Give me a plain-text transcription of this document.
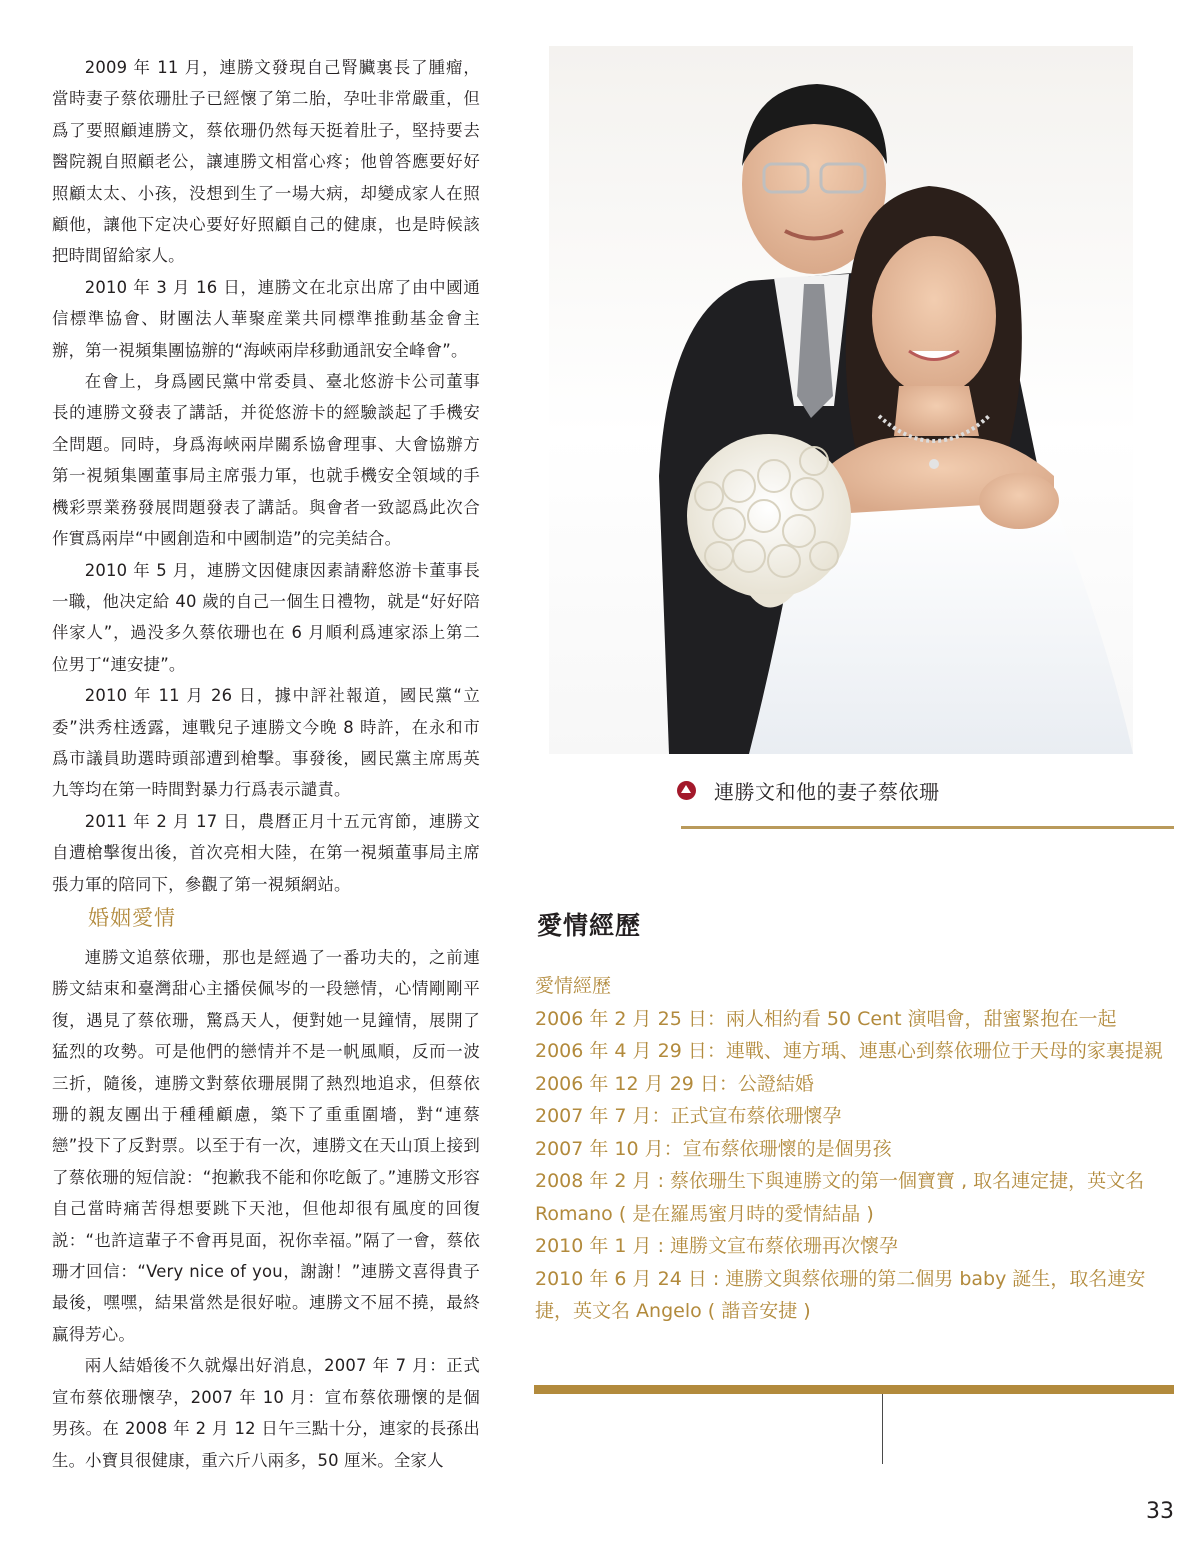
2009 年 11 月，連勝文發現自己腎臟裏長了腫瘤，當時妻子蔡依珊肚子已經懷了第二胎，孕吐非常嚴重，但爲了要照顧連勝文，蔡依珊仍然每天挺着肚子，堅持要去醫院親自照顧老公，讓連勝文相當心疼；他曾答應要好好照顧太太、小孩，没想到生了一場大病，却變成家人在照顧他，讓他下定决心要好好照顧自己的健康，也是時候該把時間留給家人。

2010 年 3 月 16 日，連勝文在北京出席了由中國通信標準協會、財團法人華聚産業共同標準推動基金會主辦，第一視頻集團協辦的“海峽兩岸移動通訊安全峰會”。

在會上，身爲國民黨中常委員、臺北悠游卡公司董事長的連勝文發表了講話，并從悠游卡的經驗談起了手機安全問題。同時，身爲海峽兩岸關系協會理事、大會協辦方第一視頻集團董事局主席張力軍，也就手機安全領域的手機彩票業務發展問題發表了講話。與會者一致認爲此次合作實爲兩岸“中國創造和中國制造”的完美結合。

2010 年 5 月，連勝文因健康因素請辭悠游卡董事長一職，他决定給 40 歲的自己一個生日禮物，就是“好好陪伴家人”，過没多久蔡依珊也在 6 月順利爲連家添上第二位男丁“連安捷”。

2010 年 11 月 26 日，據中評社報道，國民黨“立委”洪秀柱透露，連戰兒子連勝文今晚 8 時許，在永和市爲市議員助選時頭部遭到槍擊。事發後，國民黨主席馬英九等均在第一時間對暴力行爲表示譴責。

2011 年 2 月 17 日，農曆正月十五元宵節，連勝文自遭槍擊復出後，首次亮相大陸，在第一視頻董事局主席張力軍的陪同下，參觀了第一視頻網站。

婚姻愛情

連勝文追蔡依珊，那也是經過了一番功夫的，之前連勝文結束和臺灣甜心主播侯佩岑的一段戀情，心情剛剛平復，遇見了蔡依珊，驚爲天人，便對她一見鐘情，展開了猛烈的攻勢。可是他們的戀情并不是一帆風順，反而一波三折，隨後，連勝文對蔡依珊展開了熱烈地追求，但蔡依珊的親友團出于種種顧慮，築下了重重圍墻，對“連蔡戀”投下了反對票。以至于有一次，連勝文在天山頂上接到了蔡依珊的短信說：“抱歉我不能和你吃飯了。”連勝文形容自己當時痛苦得想要跳下天池，但他却很有風度的回復説：“也許這輩子不會再見面，祝你幸福。”隔了一會，蔡依珊才回信：“Very nice of you，謝謝！”連勝文喜得貴子最後，嘿嘿，結果當然是很好啦。連勝文不屈不撓，最終赢得芳心。

兩人結婚後不久就爆出好消息，2007 年 7 月：正式宣布蔡依珊懷孕，2007 年 10 月：宣布蔡依珊懷的是個男孩。在 2008 年 2 月 12 日午三點十分，連家的長孫出生。小寶貝很健康，重六斤八兩多，50 厘米。全家人

連勝文和他的妻子蔡依珊
愛情經歷

愛情經歷

2006 年 2 月 25 日：兩人相約看 50 Cent 演唱會，甜蜜緊抱在一起

2006 年 4 月 29 日：連戰、連方瑀、連惠心到蔡依珊位于天母的家裏提親

2006 年 12 月 29 日：公證結婚

2007 年 7 月：正式宣布蔡依珊懷孕

2007 年 10 月：宣布蔡依珊懷的是個男孩

2008 年 2 月 : 蔡依珊生下與連勝文的第一個寶寶 , 取名連定捷，英文名 Romano ( 是在羅馬蜜月時的愛情結晶 )

2010 年 1 月 : 連勝文宣布蔡依珊再次懷孕

2010 年 6 月 24 日 : 連勝文與蔡依珊的第二個男 baby 誕生，取名連安捷，英文名 Angelo ( 諧音安捷 )

33
